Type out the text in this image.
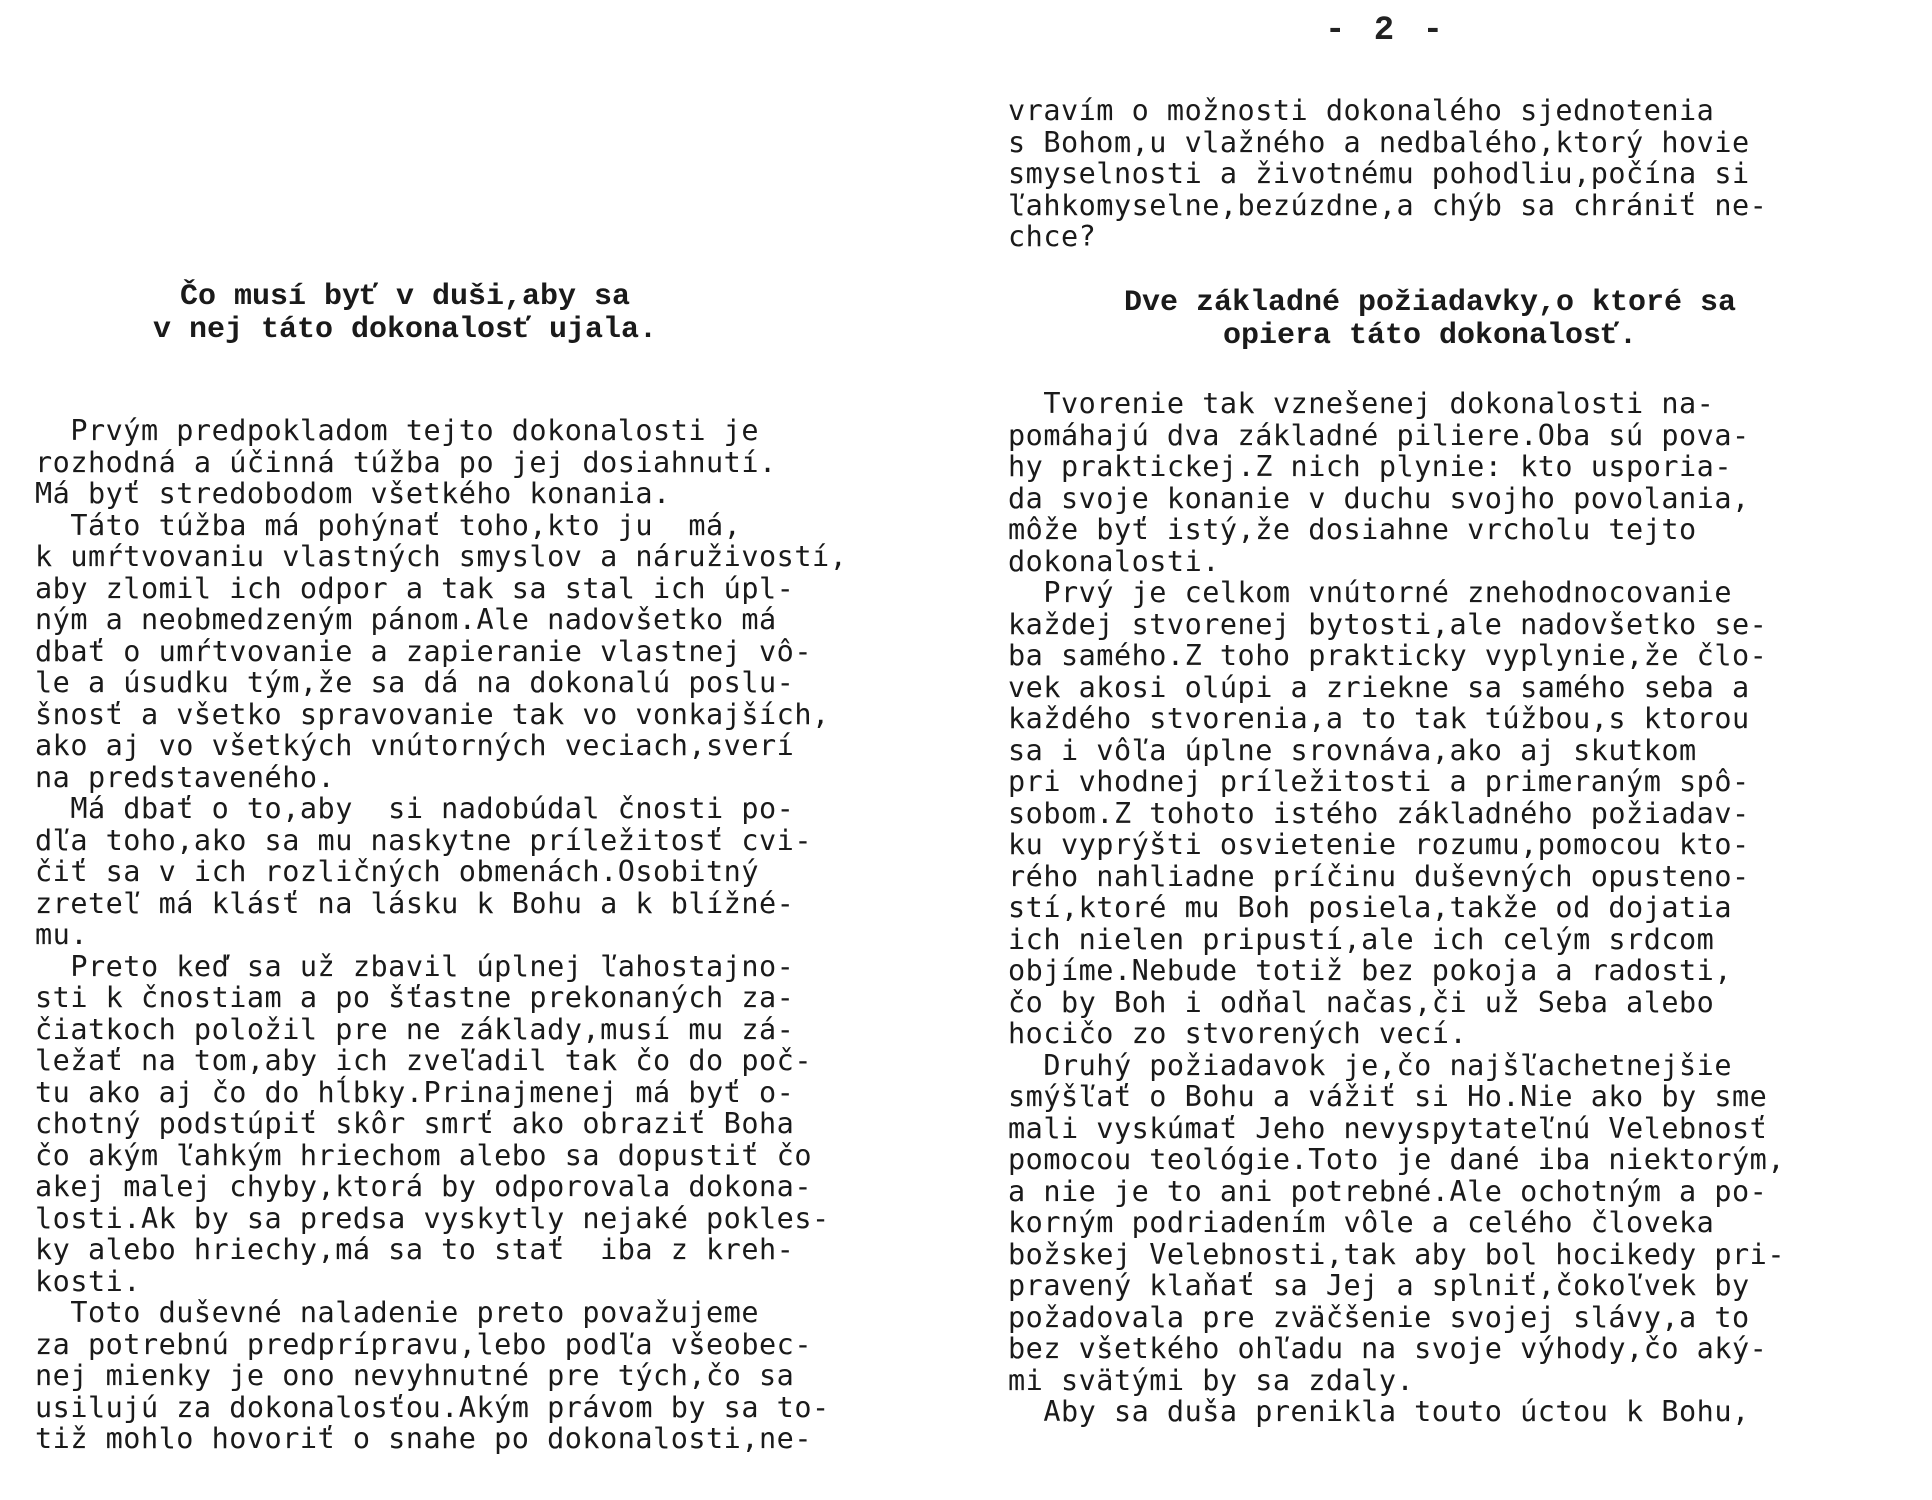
- 2 -
Čo musí byť v duši,aby sa
v nej táto dokonalosť ujala.
Prvým predpokladom tejto dokonalosti je
rozhodná a účinná túžba po jej dosiahnutí.
Má byť stredobodom všetkého konania.
Táto túžba má pohýnať toho,kto ju  má,
k umŕtvovaniu vlastných smyslov a náruživostí,
aby zlomil ich odpor a tak sa stal ich úpl-
ným a neobmedzeným pánom.Ale nadovšetko má
dbať o umŕtvovanie a zapieranie vlastnej vô-
le a úsudku tým,že sa dá na dokonalú poslu-
šnosť a všetko spravovanie tak vo vonkajších,
ako aj vo všetkých vnútorných veciach,sverí
na predstaveného.
Má dbať o to,aby  si nadobúdal čnosti po-
dľa toho,ako sa mu naskytne príležitosť cvi-
čiť sa v ich rozličných obmenách.Osobitný
zreteľ má klásť na lásku k Bohu a k blížné-
mu.
Preto keď sa už zbavil úplnej ľahostajno-
sti k čnostiam a po šťastne prekonaných za-
čiatkoch položil pre ne základy,musí mu zá-
ležať na tom,aby ich zveľadil tak čo do poč-
tu ako aj čo do hĺbky.Prinajmenej má byť o-
chotný podstúpiť skôr smrť ako obraziť Boha
čo akým ľahkým hriechom alebo sa dopustiť čo
akej malej chyby,ktorá by odporovala dokona-
losti.Ak by sa predsa vyskytly nejaké pokles-
ky alebo hriechy,má sa to stať  iba z kreh-
kosti.
Toto duševné naladenie preto považujeme
za potrebnú predprípravu,lebo podľa všeobec-
nej mienky je ono nevyhnutné pre tých,čo sa
usilujú za dokonalosťou.Akým právom by sa to-
tiž mohlo hovoriť o snahe po dokonalosti,ne-
vravím o možnosti dokonalého sjednotenia
s Bohom,u vlažného a nedbalého,ktorý hovie
smyselnosti a životnému pohodliu,počína si
ľahkomyselne,bezúzdne,a chýb sa chrániť ne-
chce?
Dve základné požiadavky,o ktoré sa
opiera táto dokonalosť.
Tvorenie tak vznešenej dokonalosti na-
pomáhajú dva základné piliere.Oba sú pova-
hy praktickej.Z nich plynie: kto usporia-
da svoje konanie v duchu svojho povolania,
môže byť istý,že dosiahne vrcholu tejto
dokonalosti.
Prvý je celkom vnútorné znehodnocovanie
každej stvorenej bytosti,ale nadovšetko se-
ba samého.Z toho prakticky vyplynie,že člo-
vek akosi olúpi a zriekne sa samého seba a
každého stvorenia,a to tak túžbou,s ktorou
sa i vôľa úplne srovnáva,ako aj skutkom
pri vhodnej príležitosti a primeraným spô-
sobom.Z tohoto istého základného požiadav-
ku vyprýšti osvietenie rozumu,pomocou kto-
rého nahliadne príčinu duševných opusteno-
stí,ktoré mu Boh posiela,takže od dojatia
ich nielen pripustí,ale ich celým srdcom
objíme.Nebude totiž bez pokoja a radosti,
čo by Boh i odňal načas,či už Seba alebo
hocičo zo stvorených vecí.
Druhý požiadavok je,čo najšľachetnejšie
smýšľať o Bohu a vážiť si Ho.Nie ako by sme
mali vyskúmať Jeho nevyspytateľnú Velebnosť
pomocou teológie.Toto je dané iba niektorým,
a nie je to ani potrebné.Ale ochotným a po-
korným podriadením vôle a celého človeka
božskej Velebnosti,tak aby bol hocikedy pri-
pravený klaňať sa Jej a splniť,čokoľvek by
požadovala pre zväčšenie svojej slávy,a to
bez všetkého ohľadu na svoje výhody,čo aký-
mi svätými by sa zdaly.
Aby sa duša prenikla touto úctou k Bohu,
